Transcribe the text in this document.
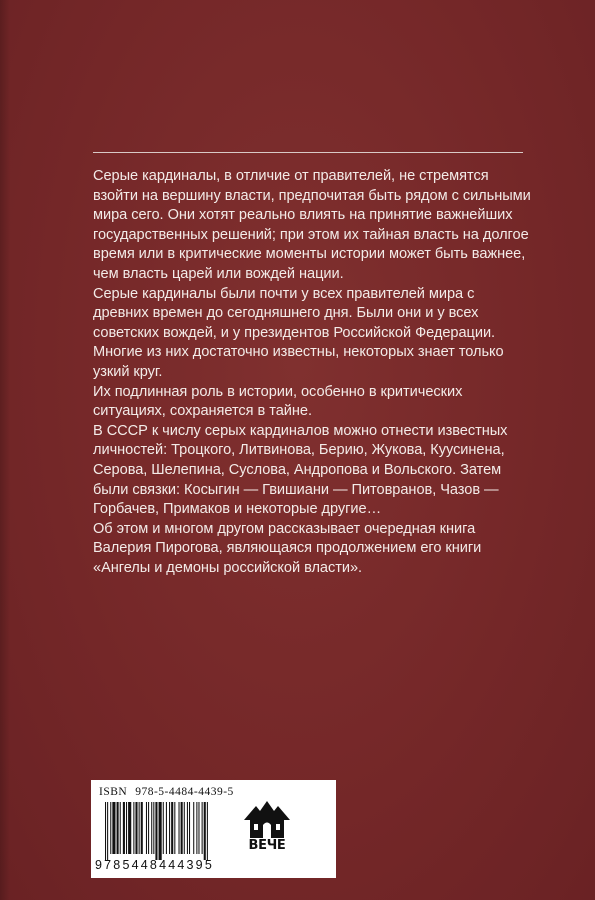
Серые кардиналы, в отличие от правителей, не стремятся взойти на вершину власти, предпочитая быть рядом с сильными мира сего. Они хотят реально влиять на принятие важнейших государственных решений; при этом их тайная власть на долгое время или в критические моменты истории может быть важнее, чем власть царей или вождей нации.

Серые кардиналы были почти у всех правителей мира с древних времен до сегодняшнего дня. Были они и у всех советских вождей, и у президентов Российской Федерации. Многие из них достаточно известны, некоторых знает только узкий круг.

Их подлинная роль в истории, особенно в критических ситуациях, сохраняется в тайне.

В СССР к числу серых кардиналов можно отнести известных личностей: Троцкого, Литвинова, Берию, Жукова, Куусинена, Серова, Шелепина, Суслова, Андропова и Вольского. Затем были связки: Косыгин — Гвишиани — Питовранов, Чазов — Горбачев, Примаков и некоторые другие…

Об этом и многом другом рассказывает очередная книга Валерия Пирогова, являющаяся продолжением его книги «Ангелы и демоны российской власти».

ISBN 978-5-4484-4439-5
9785448444395
ВЕЧЕ
